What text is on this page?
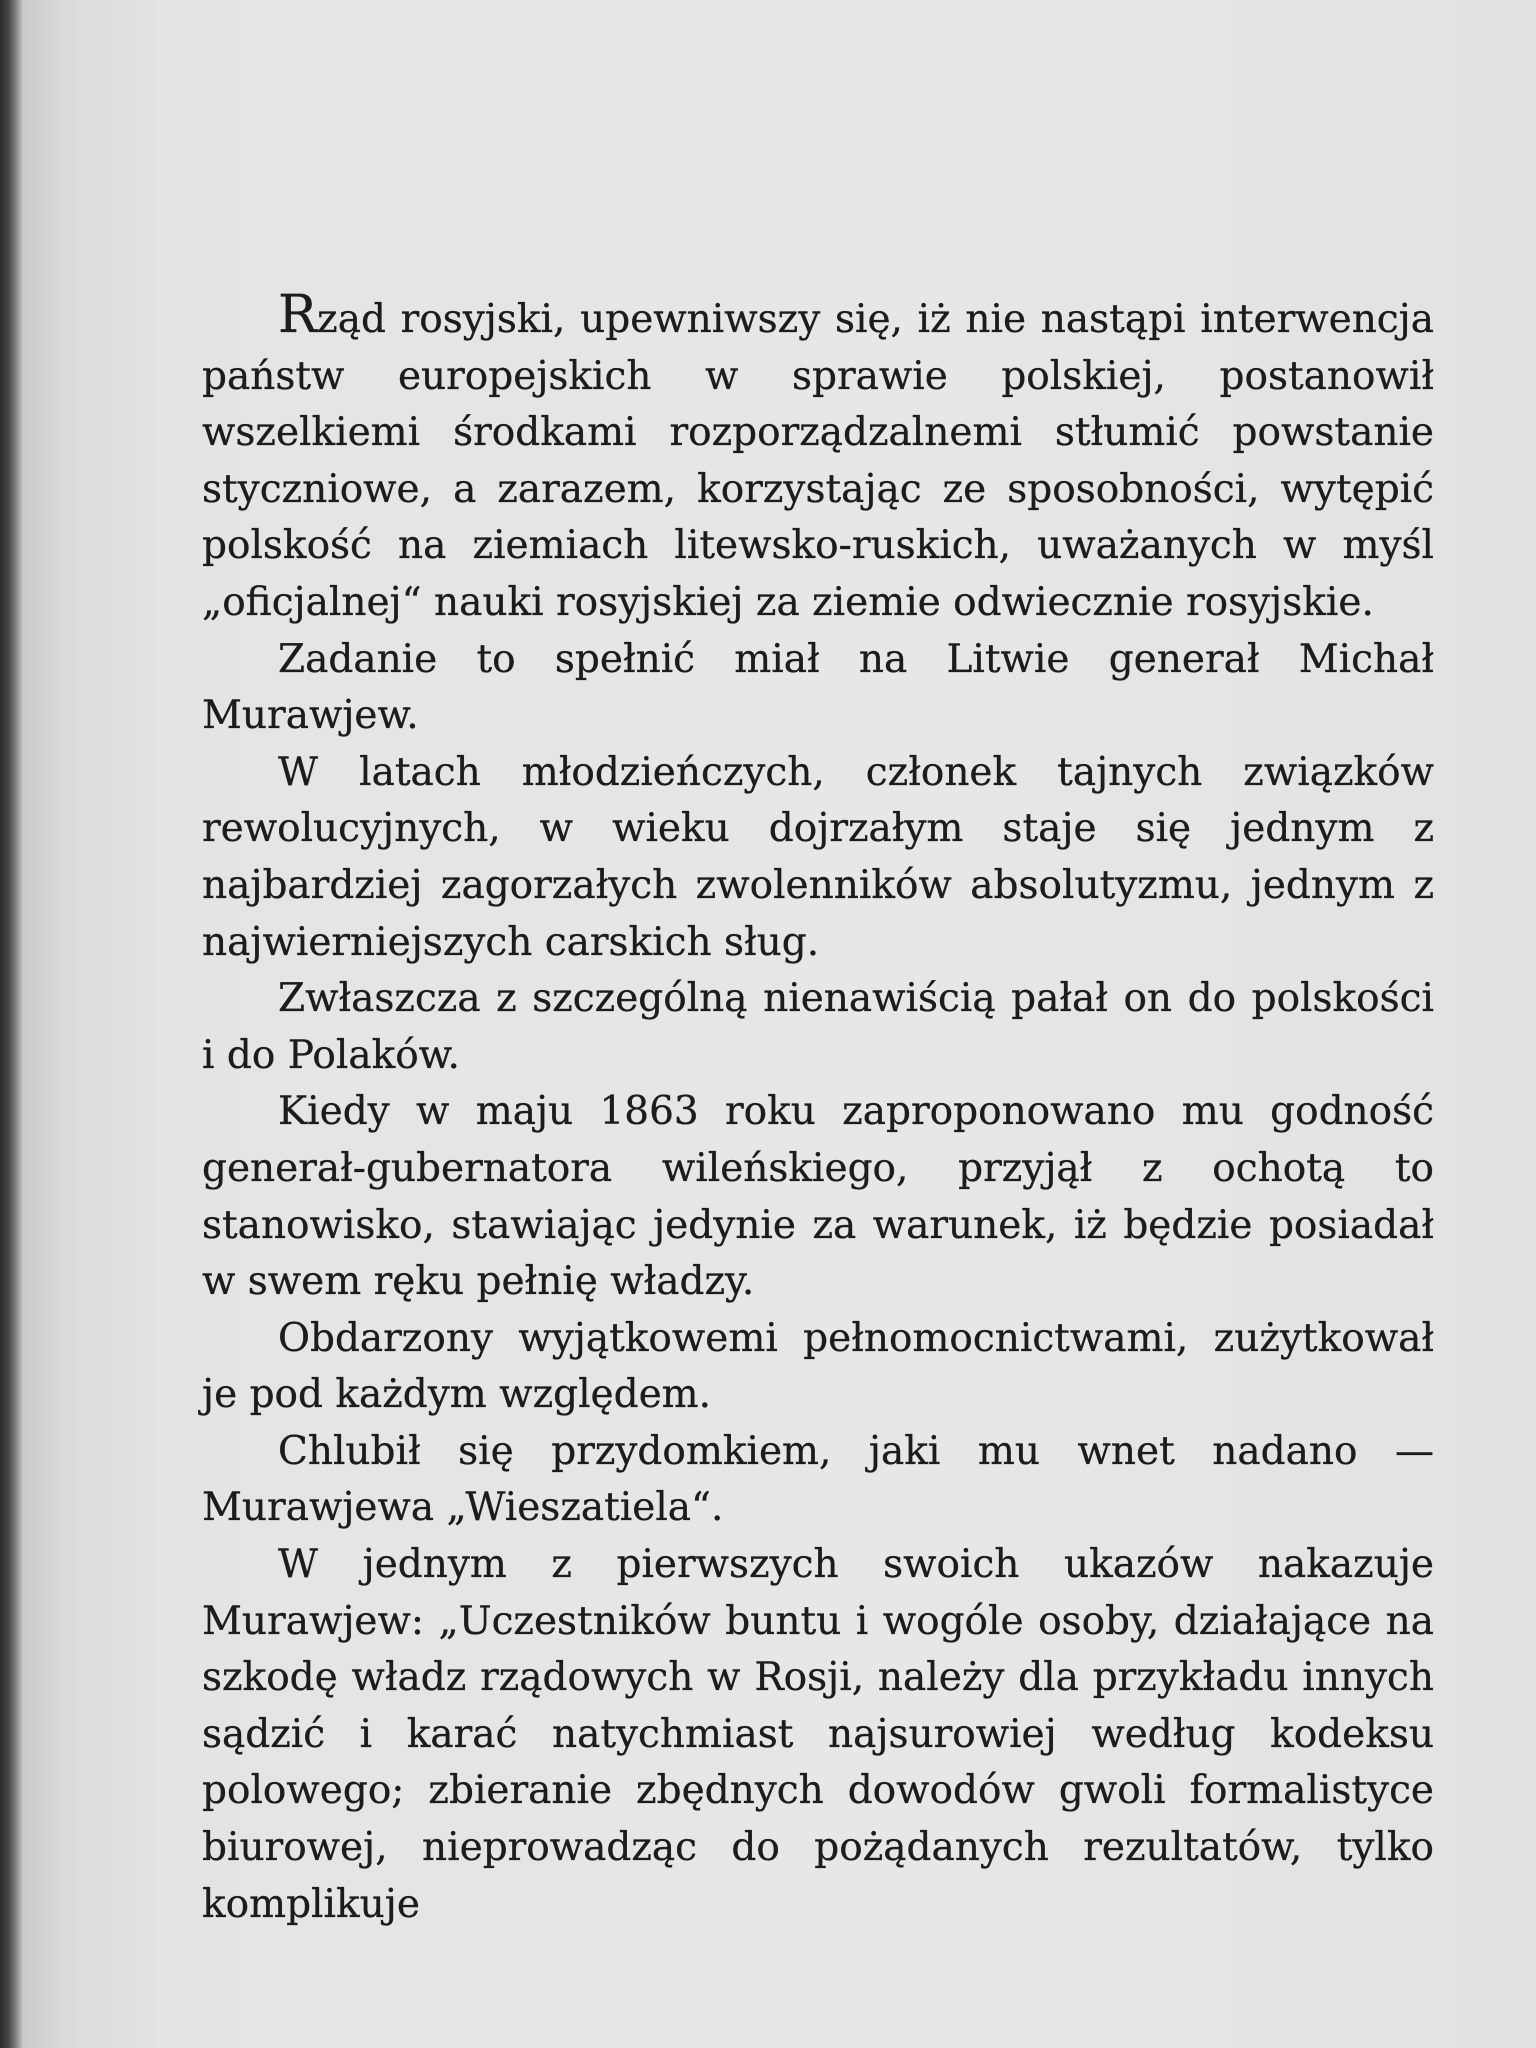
Rząd rosyjski, upewniwszy się, iż nie nastąpi interwencja państw europejskich w sprawie polskiej, postanowił wszelkiemi środkami rozporządzalnemi stłumić powstanie styczniowe, a zarazem, korzystając ze sposobności, wytępić polskość na ziemiach litewsko-ruskich, uważanych w myśl „oficjalnej“ nauki rosyjskiej za ziemie odwiecznie rosyjskie.

Zadanie to spełnić miał na Litwie generał Michał Murawjew.

W latach młodzieńczych, członek tajnych związków rewolucyjnych, w wieku dojrzałym staje się jednym z najbardziej zagorzałych zwolenników absolutyzmu, jednym z najwierniejszych carskich sług.

Zwłaszcza z szczególną nienawiścią pałał on do polskości i do Polaków.

Kiedy w maju 1863 roku zaproponowano mu godność generał-gubernatora wileńskiego, przyjął z ochotą to stanowisko, stawiając jedynie za warunek, iż będzie posiadał w swem ręku pełnię władzy.

Obdarzony wyjątkowemi pełnomocnictwami, zużytkował je pod każdym względem.

Chlubił się przydomkiem, jaki mu wnet nadano — Murawjewa „Wieszatiela“.

W jednym z pierwszych swoich ukazów nakazuje Murawjew: „Uczestników buntu i wogóle osoby, działające na szkodę władz rządowych w Rosji, należy dla przykładu innych sądzić i karać natychmiast najsurowiej według kodeksu polowego; zbieranie zbędnych dowodów gwoli formalistyce biurowej, nieprowadząc do pożądanych rezultatów, tylko komplikuje
